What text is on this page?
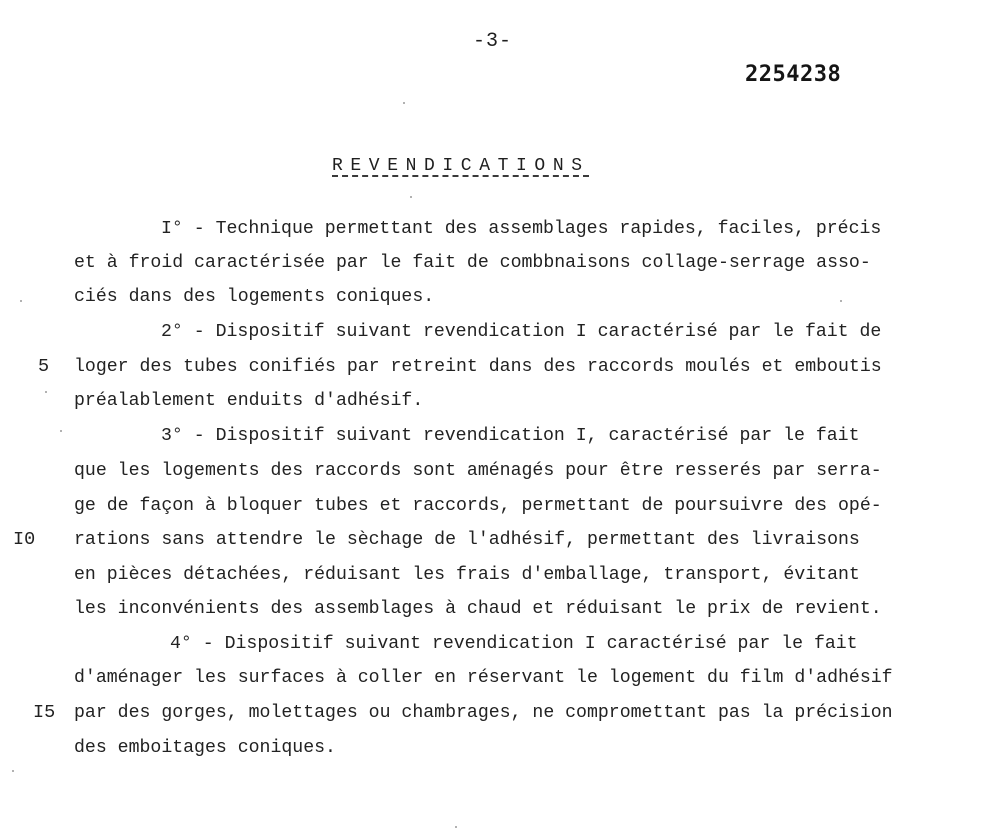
-3-
2254238
REVENDICATIONS
I° - Technique permettant des assemblages rapides, faciles, précis
et à froid caractérisée par le fait de combbnaisons collage-serrage asso-
ciés dans des logements coniques.
2° - Dispositif suivant revendication I caractérisé par le fait de
loger des tubes conifiés par retreint dans des raccords moulés et emboutis
préalablement enduits d'adhésif.
3° - Dispositif suivant revendication I, caractérisé par le fait
que les logements des raccords sont aménagés pour être resserés par serra-
ge de façon à bloquer tubes et raccords, permettant de poursuivre des opé-
rations sans attendre le sèchage de l'adhésif, permettant des livraisons
en pièces détachées, réduisant les frais d'emballage, transport, évitant
les inconvénients des assemblages à chaud et réduisant le prix de revient.
4° - Dispositif suivant revendication I caractérisé par le fait
d'aménager les surfaces à coller en réservant le logement du film d'adhésif
par des gorges, molettages ou chambrages, ne compromettant pas la précision
des emboitages coniques.
5
I0
I5
